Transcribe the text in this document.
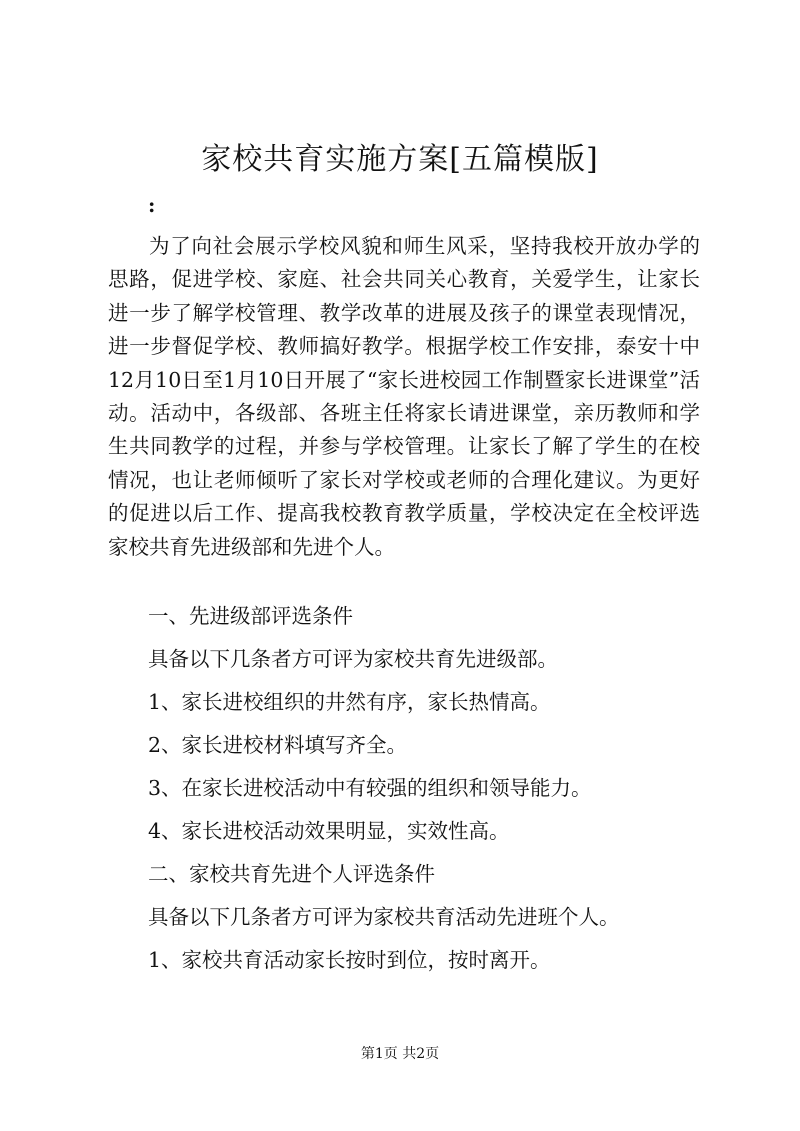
家校共育实施方案[五篇模版]
:

为了向社会展示学校风貌和师生风采，坚持我校开放办学的思路，促进学校、家庭、社会共同关心教育，关爱学生，让家长进一步了解学校管理、教学改革的进展及孩子的课堂表现情况，进一步督促学校、教师搞好教学。根据学校工作安排，泰安十中12月10日至1月10日开展了“家长进校园工作制暨家长进课堂”活动。活动中，各级部、各班主任将家长请进课堂，亲历教师和学生共同教学的过程，并参与学校管理。让家长了解了学生的在校情况，也让老师倾听了家长对学校或老师的合理化建议。为更好的促进以后工作、提高我校教育教学质量，学校决定在全校评选家校共育先进级部和先进个人。

一、先进级部评选条件
具备以下几条者方可评为家校共育先进级部。
1、家长进校组织的井然有序，家长热情高。
2、家长进校材料填写齐全。
3、在家长进校活动中有较强的组织和领导能力。
4、家长进校活动效果明显，实效性高。
二、家校共育先进个人评选条件
具备以下几条者方可评为家校共育活动先进班个人。
1、家校共育活动家长按时到位，按时离开。
第1页 共2页
